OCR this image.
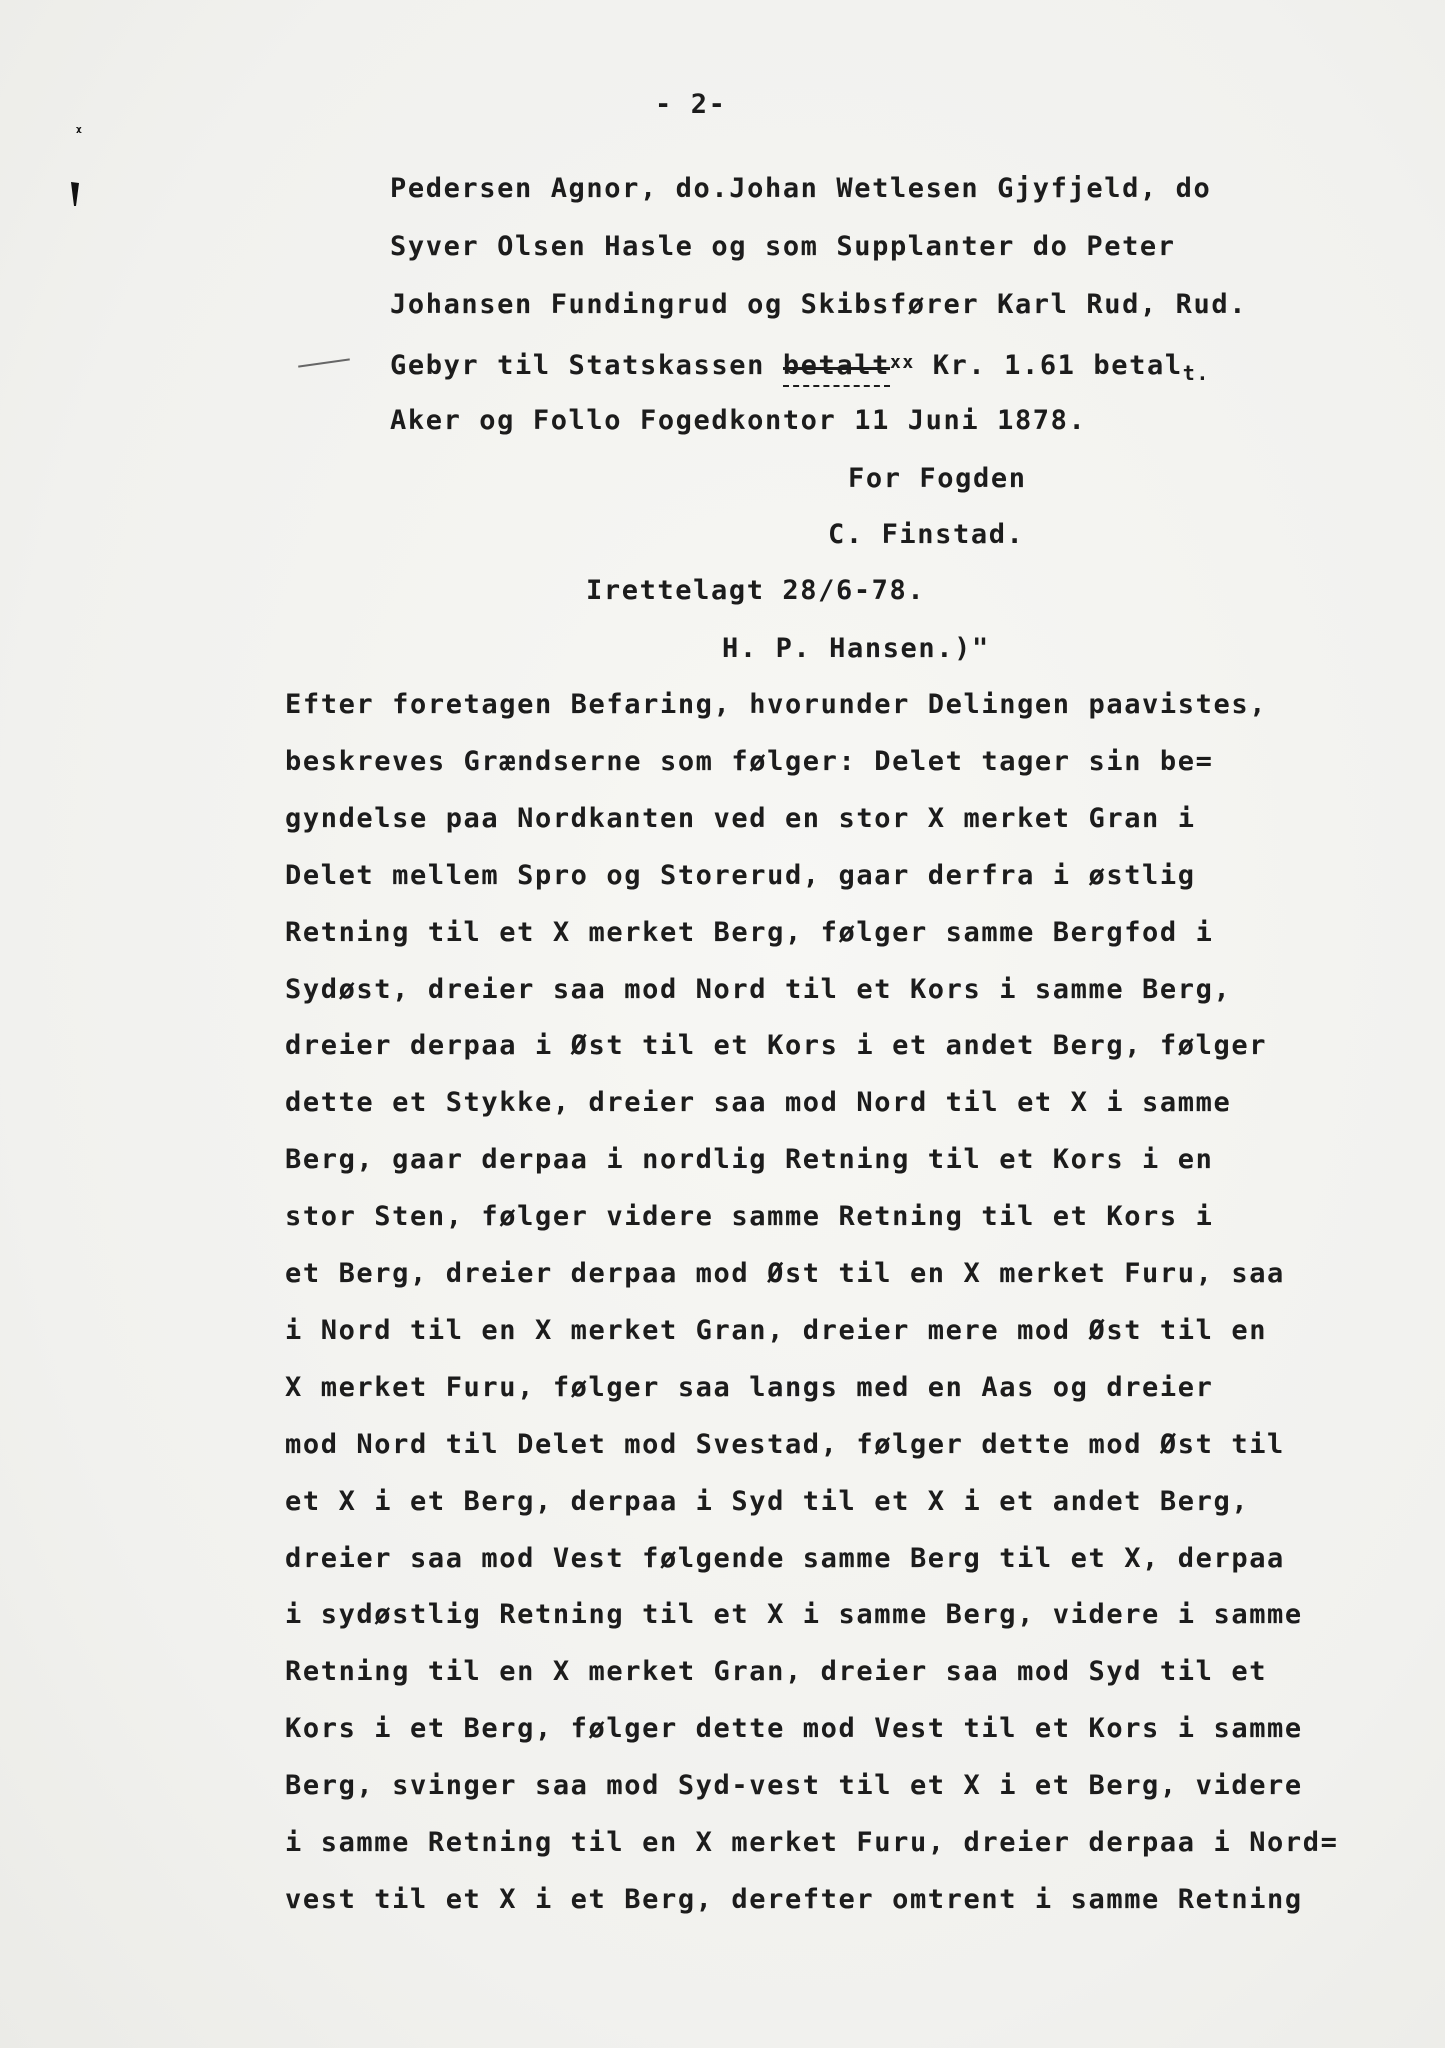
ᵡ
- 2-
Pedersen Agnor, do.Johan Wetlesen Gjyfjeld, do
Syver Olsen Hasle og som Supplanter do Peter
Johansen Fundingrud og Skibsfører Karl Rud, Rud.
Gebyr til Statskassen betalt$^{xx}$ Kr. 1.61 betal$_{t.}$
Aker og Follo Fogedkontor 11 Juni 1878.
For Fogden
C. Finstad.
Irettelagt 28/6-78.
H. P. Hansen.)"
Efter foretagen Befaring, hvorunder Delingen paavistes,
beskreves Grændserne som følger: Delet tager sin be=
gyndelse paa Nordkanten ved en stor X merket Gran i
Delet mellem Spro og Storerud, gaar derfra i østlig
Retning til et X merket Berg, følger samme Bergfod i
Sydøst, dreier saa mod Nord til et Kors i samme Berg,
dreier derpaa i Øst til et Kors i et andet Berg, følger
dette et Stykke, dreier saa mod Nord til et X i samme
Berg, gaar derpaa i nordlig Retning til et Kors i en
stor Sten, følger videre samme Retning til et Kors i
et Berg, dreier derpaa mod Øst til en X merket Furu, saa
i Nord til en X merket Gran, dreier mere mod Øst til en
X merket Furu, følger saa langs med en Aas og dreier
mod Nord til Delet mod Svestad, følger dette mod Øst til
et X i et Berg, derpaa i Syd til et X i et andet Berg,
dreier saa mod Vest følgende samme Berg til et X, derpaa
i sydøstlig Retning til et X i samme Berg, videre i samme
Retning til en X merket Gran, dreier saa mod Syd til et
Kors i et Berg, følger dette mod Vest til et Kors i samme
Berg, svinger saa mod Syd-vest til et X i et Berg, videre
i samme Retning til en X merket Furu, dreier derpaa i Nord=
vest til et X i et Berg, derefter omtrent i samme Retning
